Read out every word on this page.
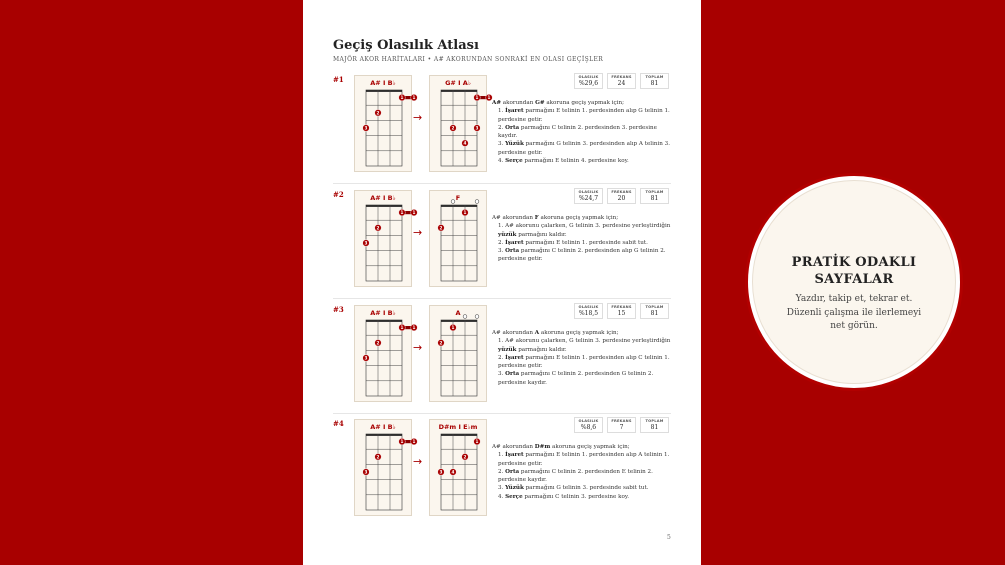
Geçiş Olasılık Atlası
MAJÖR AKOR HARİTALARI • A# AKORUNDAN SONRAKİ EN OLASI GEÇİŞLER
#1	A# I B♭
1
1
2
3
→
G# I A♭
1
1
2	3
4
OLASILIK
%29,6
FREKANS
24
TOPLAM
81
A# akorundan G# akoruna geçiş yapmak için;
1. İşaret parmağını E telinin 1. perdesinden alıp G telinin 1. perdesine getir.
2. Orta parmağını C telinin 2. perdesinden 3. perdesine kaydır.
3. Yüzük parmağını G telinin 3. perdesinden alıp A telinin 3. perdesine getir.
4. Serçe parmağını E telinin 4. perdesine koy.
#2	A# I B♭
1
1
2
3
→
F
1
2
OLASILIK
%24,7
FREKANS
20
TOPLAM
81
A# akorundan F akoruna geçiş yapmak için;
1. A# akorunu çalarken, G telinin 3. perdesine yerleştirdiğin yüzük parmağını kaldır.
2. İşaret parmağını E telinin 1. perdesinde sabit tut.
3. Orta parmağını C telinin 2. perdesinden alıp G telinin 2. perdesine getir.
#3	A# I B♭
1
1
2
3
→
A
1
2
OLASILIK
%18,5
FREKANS
15
TOPLAM
81
A# akorundan A akoruna geçiş yapmak için;
1. A# akorunu çalarken, G telinin 3. perdesine yerleştirdiğin yüzük parmağını kaldır.
2. İşaret parmağını E telinin 1. perdesinden alıp C telinin 1. perdesine getir.
3. Orta parmağını C telinin 2. perdesinden G telinin 2. perdesine kaydır.
#4	A# I B♭
1
1
2
3
→
D#m I E♭m
1
2
3 4
OLASILIK
%8,6
FREKANS
7
TOPLAM
81
A# akorundan D#m akoruna geçiş yapmak için;
1. İşaret parmağını E telinin 1. perdesinden alıp A telinin 1. perdesine getir.
2. Orta parmağını C telinin 2. perdesinden E telinin 2. perdesine kaydır.
3. Yüzük parmağını G telinin 3. perdesinde sabit tut.
4. Serçe parmağını C telinin 3. perdesine koy.
5
PRATİK ODAKLI
SAYFALAR
Yazdır, takip et, tekrar et. Düzenli çalışma ile ilerlemeyi net görün.
